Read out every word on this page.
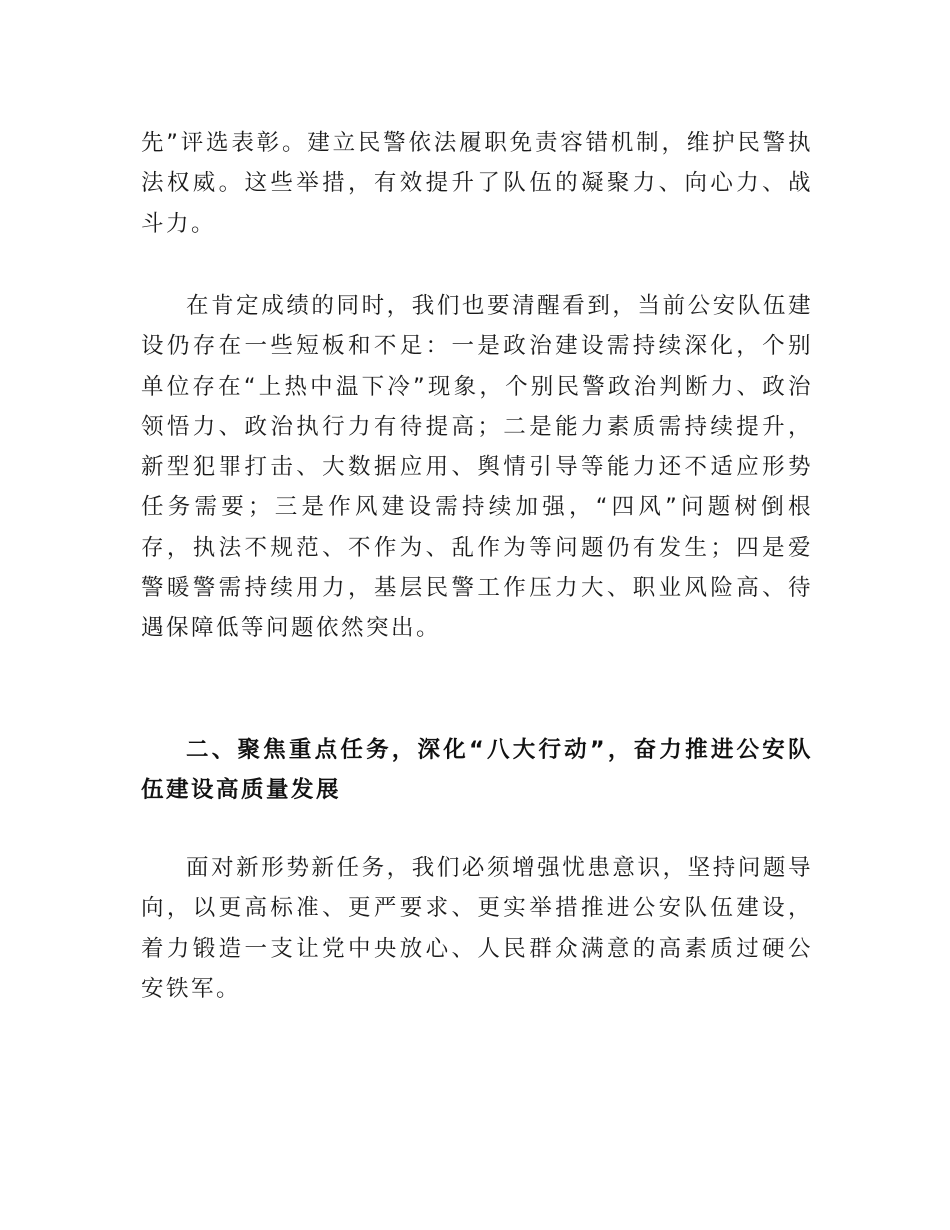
先”评选表彰。建立民警依法履职免责容错机制，维护民警执法权威。这些举措，有效提升了队伍的凝聚力、向心力、战斗力。

在肯定成绩的同时，我们也要清醒看到，当前公安队伍建设仍存在一些短板和不足：一是政治建设需持续深化，个别单位存在“上热中温下冷”现象，个别民警政治判断力、政治领悟力、政治执行力有待提高；二是能力素质需持续提升，新型犯罪打击、大数据应用、舆情引导等能力还不适应形势任务需要；三是作风建设需持续加强，“四风”问题树倒根存，执法不规范、不作为、乱作为等问题仍有发生；四是爱警暖警需持续用力，基层民警工作压力大、职业风险高、待遇保障低等问题依然突出。

二、聚焦重点任务，深化“八大行动”，奋力推进公安队伍建设高质量发展

面对新形势新任务，我们必须增强忧患意识，坚持问题导向，以更高标准、更严要求、更实举措推进公安队伍建设，着力锻造一支让党中央放心、人民群众满意的高素质过硬公安铁军。
